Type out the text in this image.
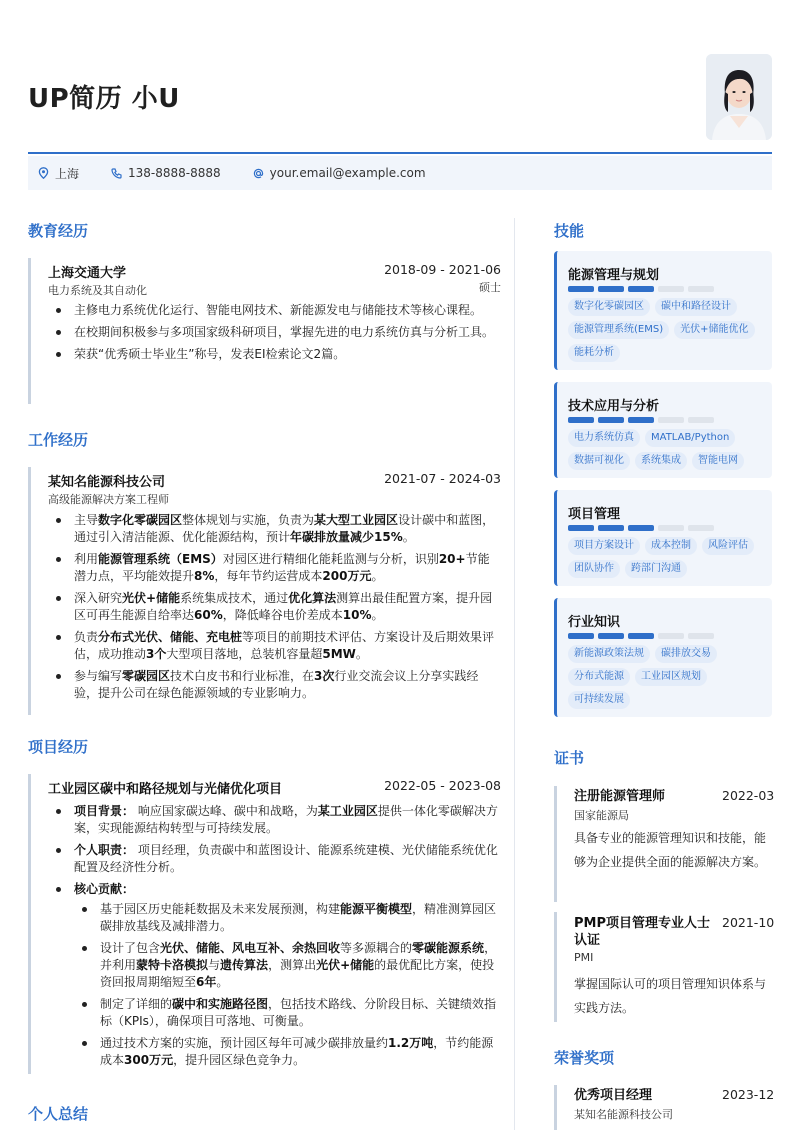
UP简历 小U
上海	138-8888-8888	your.email@example.com
教育经历
上海交通大学	2018-09 - 2021-06
电力系统及其自动化	硕士
主修电力系统优化运行、智能电网技术、新能源发电与储能技术等核心课程。
在校期间积极参与多项国家级科研项目，掌握先进的电力系统仿真与分析工具。
荣获“优秀硕士毕业生”称号，发表EI检索论文2篇。
工作经历
某知名能源科技公司	2021-07 - 2024-03
高级能源解决方案工程师
主导数字化零碳园区整体规划与实施，负责为某大型工业园区设计碳中和蓝图，通过引入清洁能源、优化能源结构，预计年碳排放量减少15%。
利用能源管理系统（EMS）对园区进行精细化能耗监测与分析，识别20+节能潜力点，平均能效提升8%，每年节约运营成本200万元。
深入研究光伏+储能系统集成技术，通过优化算法测算出最佳配置方案，提升园区可再生能源自给率达60%，降低峰谷电价差成本10%。
负责分布式光伏、储能、充电桩等项目的前期技术评估、方案设计及后期效果评估，成功推动3个大型项目落地，总装机容量超5MW。
参与编写零碳园区技术白皮书和行业标准，在3次行业交流会议上分享实践经验，提升公司在绿色能源领域的专业影响力。
项目经历
工业园区碳中和路径规划与光储优化项目	2022-05 - 2023-08
项目背景： 响应国家碳达峰、碳中和战略，为某工业园区提供一体化零碳解决方案，实现能源结构转型与可持续发展。
个人职责： 项目经理，负责碳中和蓝图设计、能源系统建模、光伏储能系统优化配置及经济性分析。
核心贡献：
基于园区历史能耗数据及未来发展预测，构建能源平衡模型，精准测算园区碳排放基线及减排潜力。
设计了包含光伏、储能、风电互补、余热回收等多源耦合的零碳能源系统，并利用蒙特卡洛模拟与遗传算法，测算出光伏+储能的最优配比方案，使投资回报周期缩短至6年。
制定了详细的碳中和实施路径图，包括技术路线、分阶段目标、关键绩效指标（KPIs），确保项目可落地、可衡量。
通过技术方案的实施，预计园区每年可减少碳排放量约1.2万吨，节约能源成本300万元，提升园区绿色竞争力。
个人总结
技能
能源管理与规划
数字化零碳园区	碳中和路径设计
能源管理系统(EMS)	光伏+储能优化
能耗分析
技术应用与分析
电力系统仿真	MATLAB/Python
数据可视化	系统集成	智能电网
项目管理
项目方案设计	成本控制	风险评估
团队协作	跨部门沟通
行业知识
新能源政策法规	碳排放交易
分布式能源	工业园区规划
可持续发展
证书
注册能源管理师	2022-03
国家能源局
具备专业的能源管理知识和技能，能够为企业提供全面的能源解决方案。
PMP项目管理专业人士认证
2021-10
PMI
掌握国际认可的项目管理知识体系与实践方法。
荣誉奖项
优秀项目经理	2023-12
某知名能源科技公司
